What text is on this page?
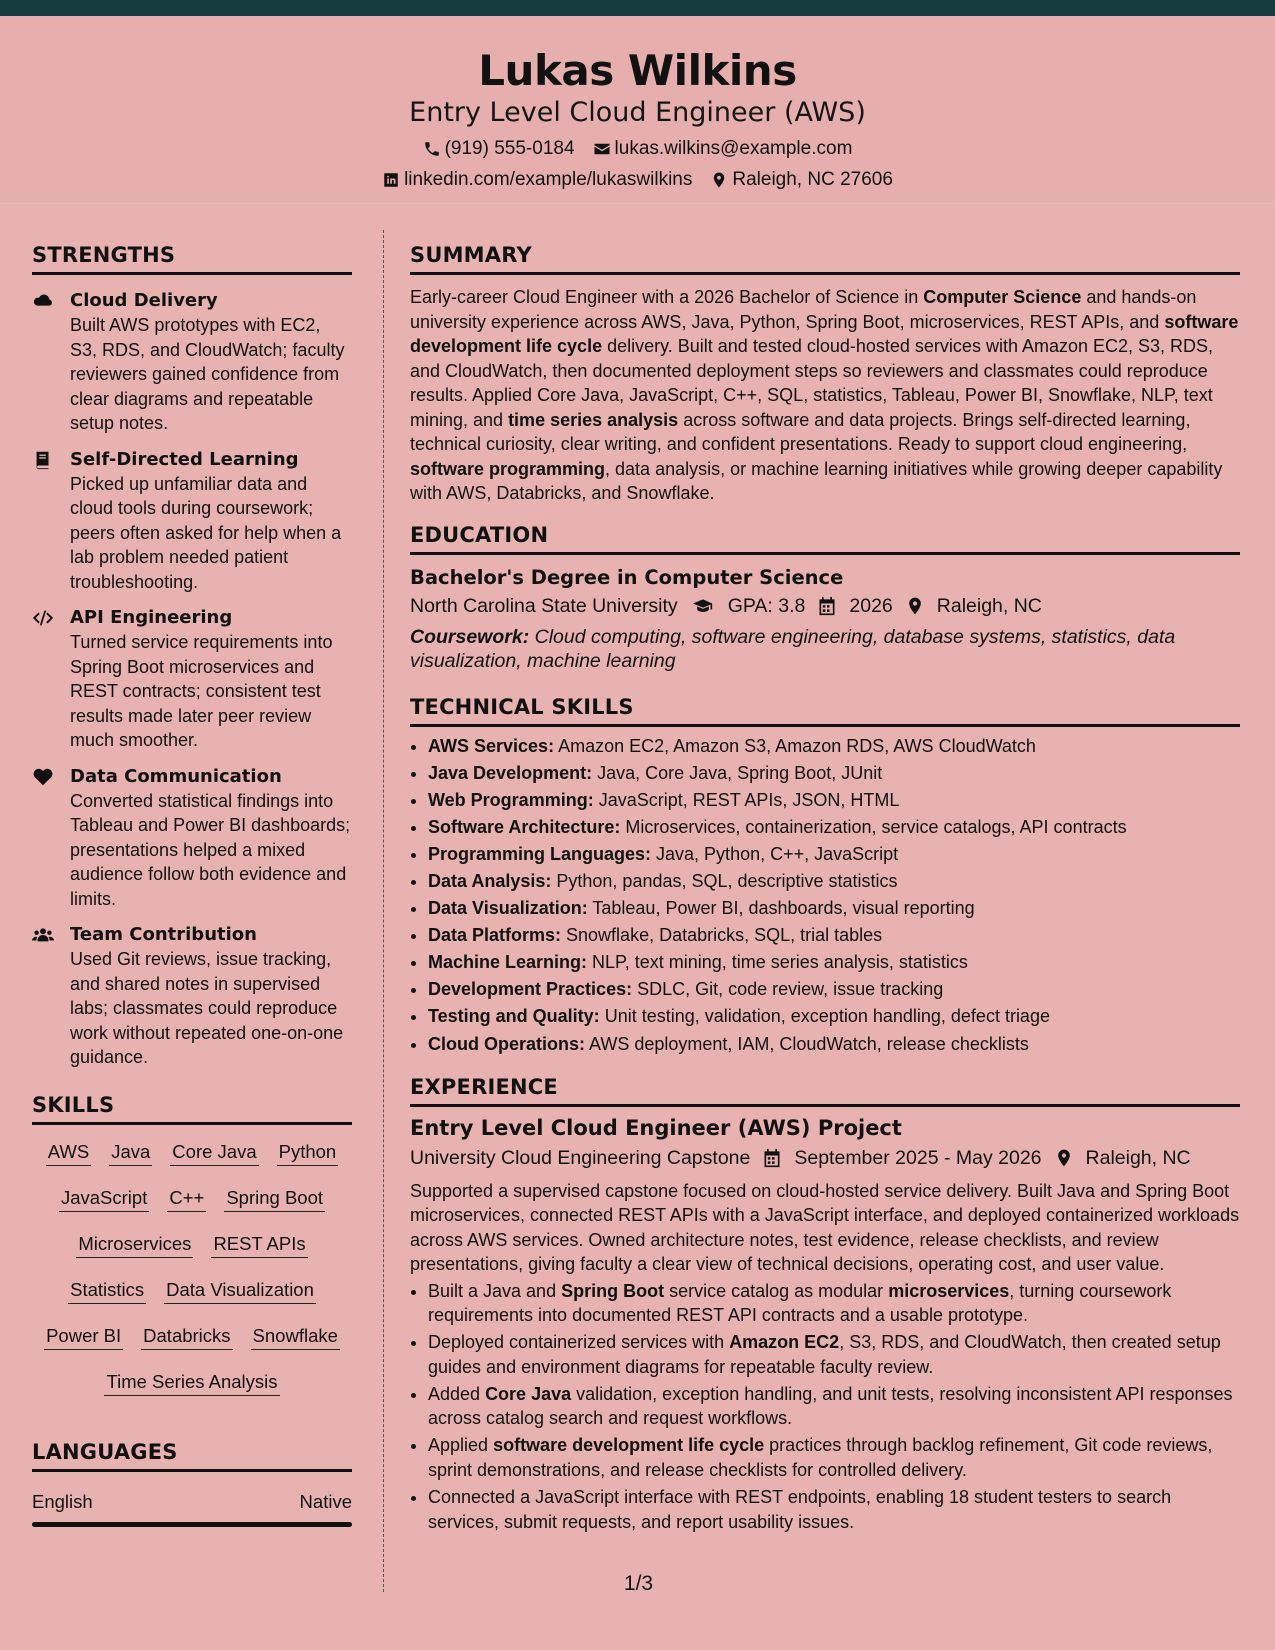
Lukas Wilkins
Entry Level Cloud Engineer (AWS)
(919) 555-0184 lukas.wilkins@example.com
linkedin.com/example/lukaswilkins Raleigh, NC 27606
STRENGTHS
Cloud Delivery
Built AWS prototypes with EC2, S3, RDS, and CloudWatch; faculty reviewers gained confidence from clear diagrams and repeatable setup notes.
Self-Directed Learning
Picked up unfamiliar data and cloud tools during coursework; peers often asked for help when a lab problem needed patient troubleshooting.
API Engineering
Turned service requirements into Spring Boot microservices and REST contracts; consistent test results made later peer review much smoother.
Data Communication
Converted statistical findings into Tableau and Power BI dashboards; presentations helped a mixed audience follow both evidence and limits.
Team Contribution
Used Git reviews, issue tracking, and shared notes in supervised labs; classmates could reproduce work without repeated one-on-one guidance.
SKILLS
AWS Java Core Java Python
JavaScript C++ Spring Boot
Microservices REST APIs
Statistics Data Visualization
Power BI Databricks Snowflake
Time Series Analysis
LANGUAGES
English	Native
SUMMARY

Early-career Cloud Engineer with a 2026 Bachelor of Science in Computer Science and hands-on university experience across AWS, Java, Python, Spring Boot, microservices, REST APIs, and software development life cycle delivery. Built and tested cloud-hosted services with Amazon EC2, S3, RDS, and CloudWatch, then documented deployment steps so reviewers and classmates could reproduce results. Applied Core Java, JavaScript, C++, SQL, statistics, Tableau, Power BI, Snowflake, NLP, text mining, and time series analysis across software and data projects. Brings self-directed learning, technical curiosity, clear writing, and confident presentations. Ready to support cloud engineering, software programming, data analysis, or machine learning initiatives while growing deeper capability with AWS, Databricks, and Snowflake.

EDUCATION
Bachelor's Degree in Computer Science
North Carolina State University	GPA: 3.8 2026 Raleigh, NC
Coursework: Cloud computing, software engineering, database systems, statistics, data visualization, machine learning
TECHNICAL SKILLS
• AWS Services: Amazon EC2, Amazon S3, Amazon RDS, AWS CloudWatch
• Java Development: Java, Core Java, Spring Boot, JUnit
• Web Programming: JavaScript, REST APIs, JSON, HTML
• Software Architecture: Microservices, containerization, service catalogs, API contracts
• Programming Languages: Java, Python, C++, JavaScript
• Data Analysis: Python, pandas, SQL, descriptive statistics
• Data Visualization: Tableau, Power BI, dashboards, visual reporting
• Data Platforms: Snowflake, Databricks, SQL, trial tables
• Machine Learning: NLP, text mining, time series analysis, statistics
• Development Practices: SDLC, Git, code review, issue tracking
• Testing and Quality: Unit testing, validation, exception handling, defect triage
• Cloud Operations: AWS deployment, IAM, CloudWatch, release checklists
EXPERIENCE
Entry Level Cloud Engineer (AWS) Project
University Cloud Engineering Capstone September 2025 - May 2026 Raleigh, NC

Supported a supervised capstone focused on cloud-hosted service delivery. Built Java and Spring Boot microservices, connected REST APIs with a JavaScript interface, and deployed containerized workloads across AWS services. Owned architecture notes, test evidence, release checklists, and review presentations, giving faculty a clear view of technical decisions, operating cost, and user value.

• Built a Java and Spring Boot service catalog as modular microservices, turning coursework requirements into documented REST API contracts and a usable prototype.
• Deployed containerized services with Amazon EC2, S3, RDS, and CloudWatch, then created setup guides and environment diagrams for repeatable faculty review.
• Added Core Java validation, exception handling, and unit tests, resolving inconsistent API responses across catalog search and request workflows.
• Applied software development life cycle practices through backlog refinement, Git code reviews, sprint demonstrations, and release checklists for controlled delivery.
• Connected a JavaScript interface with REST endpoints, enabling 18 student testers to search services, submit requests, and report usability issues.
1/3
